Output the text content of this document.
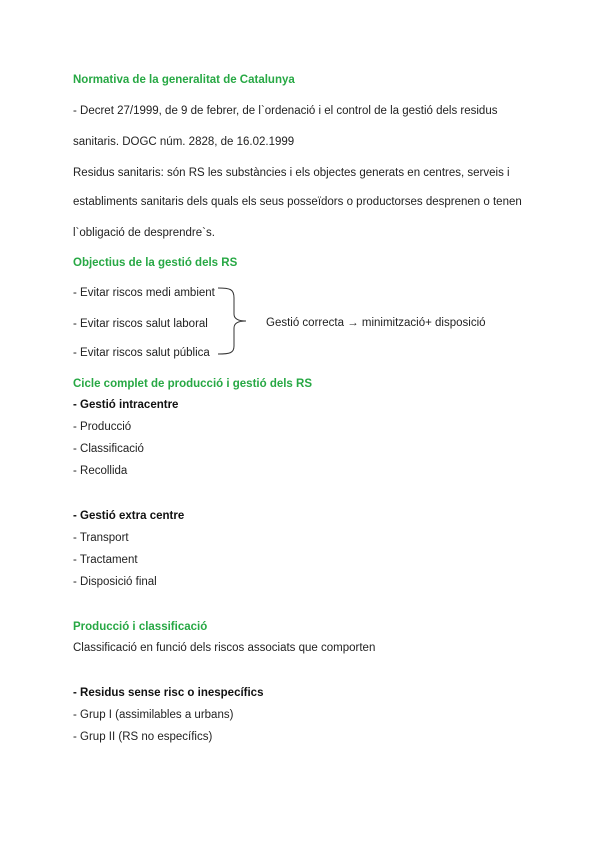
Normativa de la generalitat de Catalunya
- Decret 27/1999, de 9 de febrer, de l`ordenació i el control de la gestió dels residus
sanitaris. DOGC núm. 2828, de 16.02.1999
Residus sanitaris: són RS les substàncies i els objectes generats en centres, serveis i
establiments sanitaris dels quals els seus posseïdors o productorses desprenen o tenen
l`obligació de desprendre`s.
Objectius de la gestió dels RS
- Evitar riscos medi ambient
- Evitar riscos salut laboral
- Evitar riscos salut pública
Gestió correcta → minimització+ disposició
Cicle complet de producció i gestió dels RS
- Gestió intracentre
- Producció
- Classificació
- Recollida
- Gestió extra centre
- Transport
- Tractament
- Disposició final
Producció i classificació
Classificació en funció dels riscos associats que comporten
- Residus sense risc o inespecífics
- Grup I (assimilables a urbans)
- Grup II (RS no específics)
